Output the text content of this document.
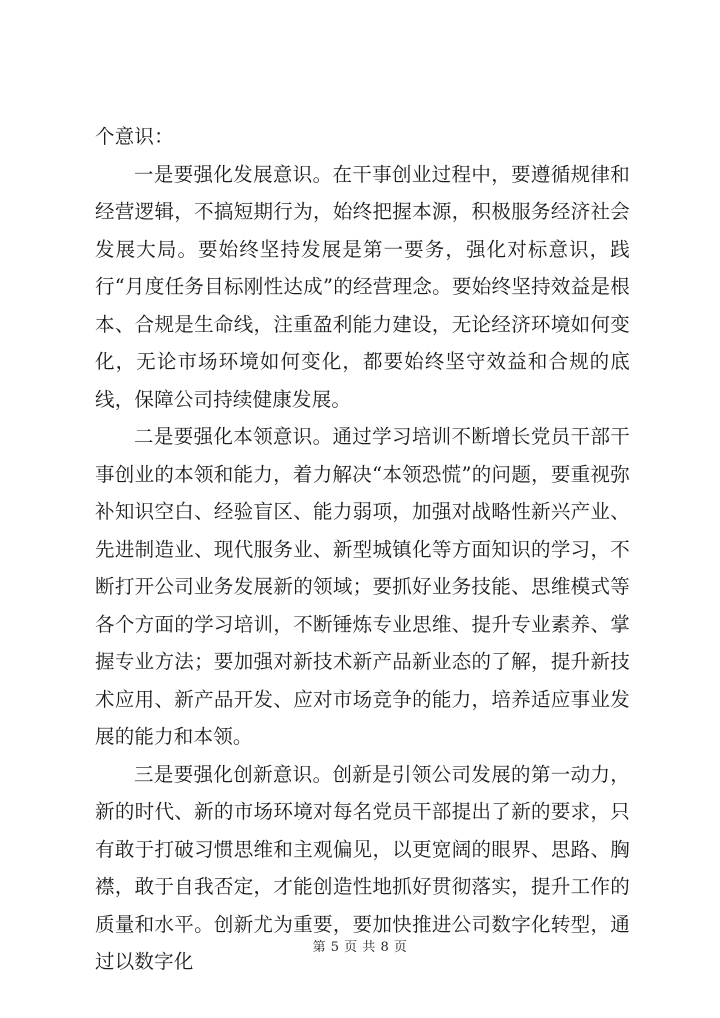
个意识：

一是要强化发展意识。在干事创业过程中，要遵循规律和经营逻辑，不搞短期行为，始终把握本源，积极服务经济社会发展大局。要始终坚持发展是第一要务，强化对标意识，践行“月度任务目标刚性达成”的经营理念。要始终坚持效益是根本、合规是生命线，注重盈利能力建设，无论经济环境如何变化，无论市场环境如何变化，都要始终坚守效益和合规的底线，保障公司持续健康发展。

二是要强化本领意识。通过学习培训不断增长党员干部干事创业的本领和能力，着力解决“本领恐慌”的问题，要重视弥补知识空白、经验盲区、能力弱项，加强对战略性新兴产业、先进制造业、现代服务业、新型城镇化等方面知识的学习，不断打开公司业务发展新的领域；要抓好业务技能、思维模式等各个方面的学习培训，不断锤炼专业思维、提升专业素养、掌握专业方法；要加强对新技术新产品新业态的了解，提升新技术应用、新产品开发、应对市场竞争的能力，培养适应事业发展的能力和本领。

三是要强化创新意识。创新是引领公司发展的第一动力，新的时代、新的市场环境对每名党员干部提出了新的要求，只有敢于打破习惯思维和主观偏见，以更宽阔的眼界、思路、胸襟，敢于自我否定，才能创造性地抓好贯彻落实，提升工作的质量和水平。创新尤为重要，要加快推进公司数字化转型，通过以数字化

第 5 页 共 8 页
